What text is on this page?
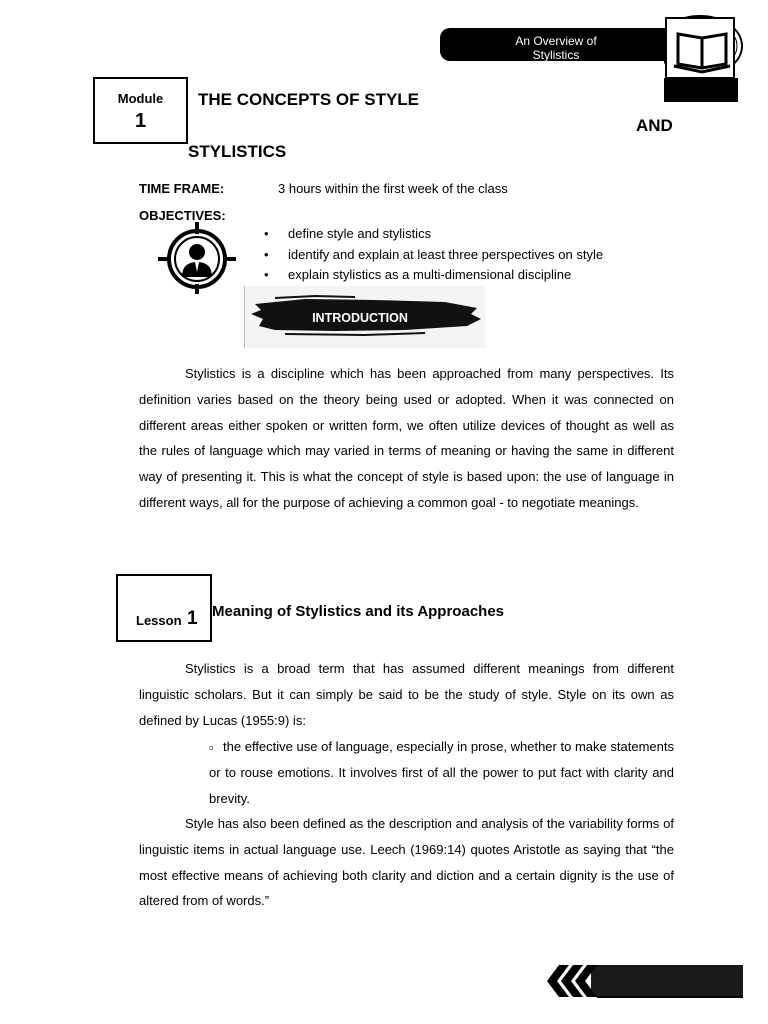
An Overview of
Stylistics
Module
1
THE CONCEPTS OF STYLE
AND
STYLISTICS
TIME FRAME:	3 hours within the first week of the class
OBJECTIVES:
• define style and stylistics
• identify and explain at least three perspectives on style
• explain stylistics as a multi-dimensional discipline
INTRODUCTION

Stylistics is a discipline which has been approached from many perspectives. Its definition varies based on the theory being used or adopted. When it was connected on different areas either spoken or written form, we often utilize devices of thought as well as the rules of language which may varied in terms of meaning or having the same in different way of presenting it. This is what the concept of style is based upon: the use of language in different ways, all for the purpose of achieving a common goal - to negotiate meanings.

Lesson 1 Meaning of Stylistics and its Approaches

Stylistics is a broad term that has assumed different meanings from different linguistic scholars. But it can simply be said to be the study of style. Style on its own as defined by Lucas (1955:9) is:

▫ the effective use of language, especially in prose, whether to make statements or to rouse emotions. It involves first of all the power to put fact with clarity and brevity.

Style has also been defined as the description and analysis of the variability forms of linguistic items in actual language use. Leech (1969:14) quotes Aristotle as saying that “the most effective means of achieving both clarity and diction and a certain dignity is the use of altered from of words.”
